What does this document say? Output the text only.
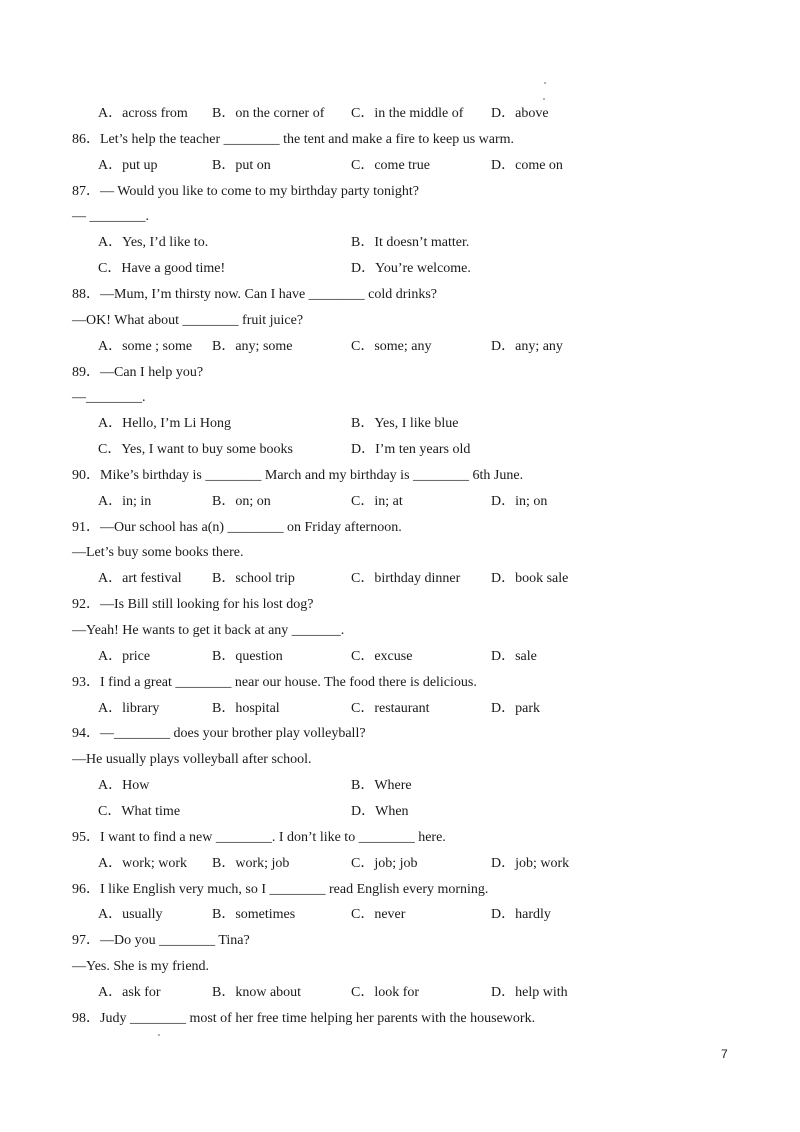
A．across from B．on the corner of C．in the middle of D．above
86．Let’s help the teacher ________ the tent and make a fire to keep us warm.
A．put up	B．put on	C．come true	D．come on
87．— Would you like to come to my birthday party tonight?
— ________.
A．Yes, I’d like to.	B．It doesn’t matter.
C．Have a good time!	D．You’re welcome.
88．—Mum, I’m thirsty now. Can I have ________ cold drinks?
—OK! What about ________ fruit juice?
A．some ; some B．any; some	C．some; any	D．any; any
89．—Can I help you?
—________.
A．Hello, I’m Li Hong	B．Yes, I like blue
C．Yes, I want to buy some books	D．I’m ten years old
90．Mike’s birthday is ________ March and my birthday is ________ 6th June.
A．in; in	B．on; on	C．in; at	D．in; on
91．—Our school has a(n) ________ on Friday afternoon.
—Let’s buy some books there.
A．art festival B．school trip	C．birthday dinner D．book sale
92．—Is Bill still looking for his lost dog?
—Yeah! He wants to get it back at any _______.
A．price	B．question	C．excuse	D．sale
93．I find a great ________ near our house. The food there is delicious.
A．library	B．hospital	C．restaurant	D．park
94．—________ does your brother play volleyball?
—He usually plays volleyball after school.
A．How	B．Where
C．What time	D．When
95．I want to find a new ________. I don’t like to ________ here.
A．work; work B．work; job	C．job; job	D．job; work
96．I like English very much, so I ________ read English every morning.
A．usually	B．sometimes	C．never	D．hardly
97．—Do you ________ Tina?
—Yes. She is my friend.
A．ask for	B．know about	C．look for	D．help with
98．Judy ________ most of her free time helping her parents with the housework.
7
